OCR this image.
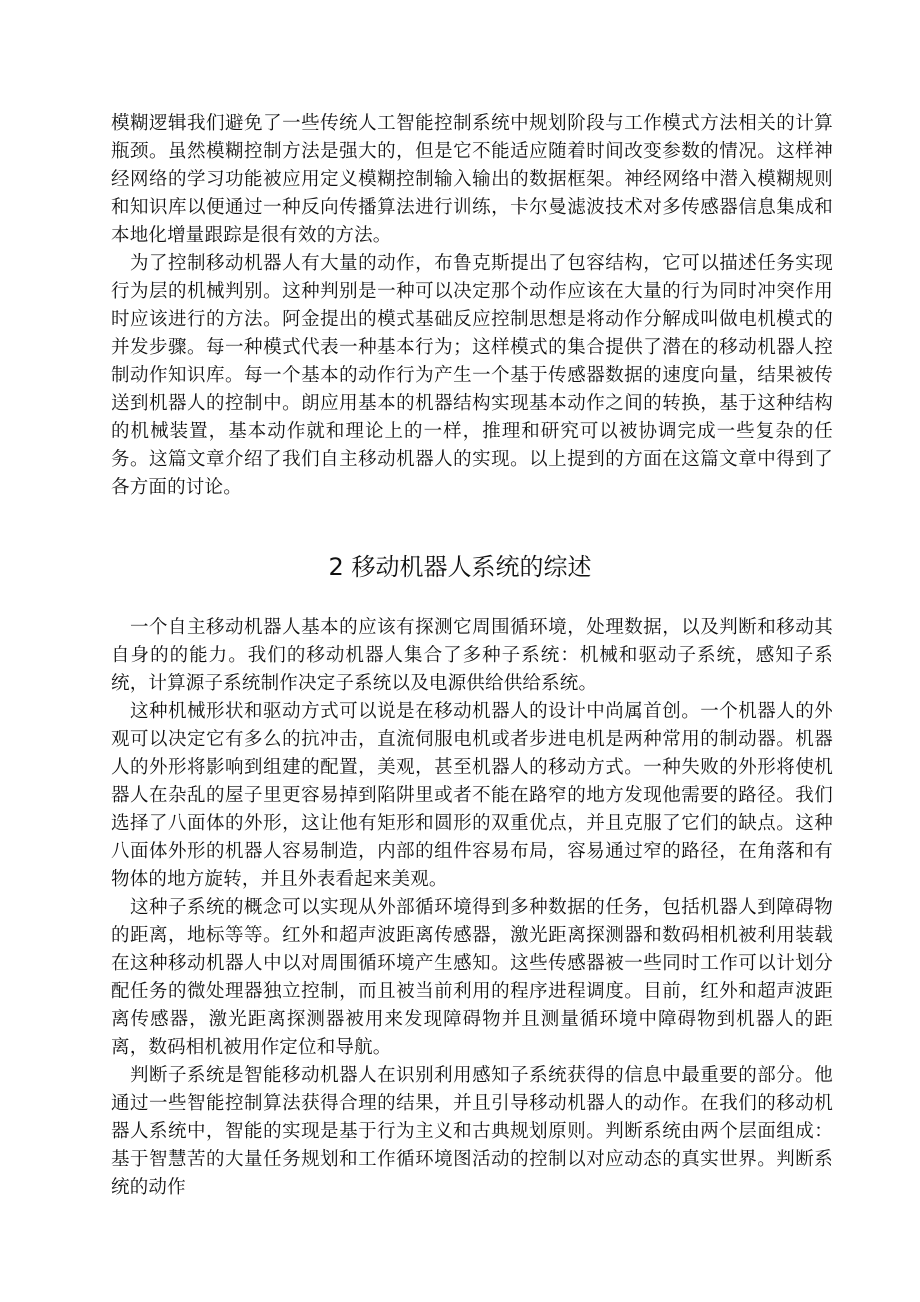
模糊逻辑我们避免了一些传统人工智能控制系统中规划阶段与工作模式方法相关的计算瓶颈。虽然模糊控制方法是强大的，但是它不能适应随着时间改变参数的情况。这样神经网络的学习功能被应用定义模糊控制输入输出的数据框架。神经网络中潜入模糊规则和知识库以便通过一种反向传播算法进行训练，卡尔曼滤波技术对多传感器信息集成和本地化增量跟踪是很有效的方法。

为了控制移动机器人有大量的动作，布鲁克斯提出了包容结构，它可以描述任务实现行为层的机械判别。这种判别是一种可以决定那个动作应该在大量的行为同时冲突作用时应该进行的方法。阿金提出的模式基础反应控制思想是将动作分解成叫做电机模式的并发步骤。每一种模式代表一种基本行为；这样模式的集合提供了潜在的移动机器人控制动作知识库。每一个基本的动作行为产生一个基于传感器数据的速度向量，结果被传送到机器人的控制中。朗应用基本的机器结构实现基本动作之间的转换，基于这种结构的机械装置，基本动作就和理论上的一样，推理和研究可以被协调完成一些复杂的任务。这篇文章介绍了我们自主移动机器人的实现。以上提到的方面在这篇文章中得到了各方面的讨论。

2 移动机器人系统的综述

一个自主移动机器人基本的应该有探测它周围循环境，处理数据，以及判断和移动其自身的的能力。我们的移动机器人集合了多种子系统：机械和驱动子系统，感知子系统，计算源子系统制作决定子系统以及电源供给供给系统。

这种机械形状和驱动方式可以说是在移动机器人的设计中尚属首创。一个机器人的外观可以决定它有多么的抗冲击，直流伺服电机或者步进电机是两种常用的制动器。机器人的外形将影响到组建的配置，美观，甚至机器人的移动方式。一种失败的外形将使机器人在杂乱的屋子里更容易掉到陷阱里或者不能在路窄的地方发现他需要的路径。我们选择了八面体的外形，这让他有矩形和圆形的双重优点，并且克服了它们的缺点。这种八面体外形的机器人容易制造，内部的组件容易布局，容易通过窄的路径，在角落和有物体的地方旋转，并且外表看起来美观。

这种子系统的概念可以实现从外部循环境得到多种数据的任务，包括机器人到障碍物的距离，地标等等。红外和超声波距离传感器，激光距离探测器和数码相机被利用装载在这种移动机器人中以对周围循环境产生感知。这些传感器被一些同时工作可以计划分配任务的微处理器独立控制，而且被当前利用的程序进程调度。目前，红外和超声波距离传感器，激光距离探测器被用来发现障碍物并且测量循环境中障碍物到机器人的距离，数码相机被用作定位和导航。

判断子系统是智能移动机器人在识别利用感知子系统获得的信息中最重要的部分。他通过一些智能控制算法获得合理的结果，并且引导移动机器人的动作。在我们的移动机器人系统中，智能的实现是基于行为主义和古典规划原则。判断系统由两个层面组成：基于智慧苦的大量任务规划和工作循环境图活动的控制以对应动态的真实世界。判断系统的动作
